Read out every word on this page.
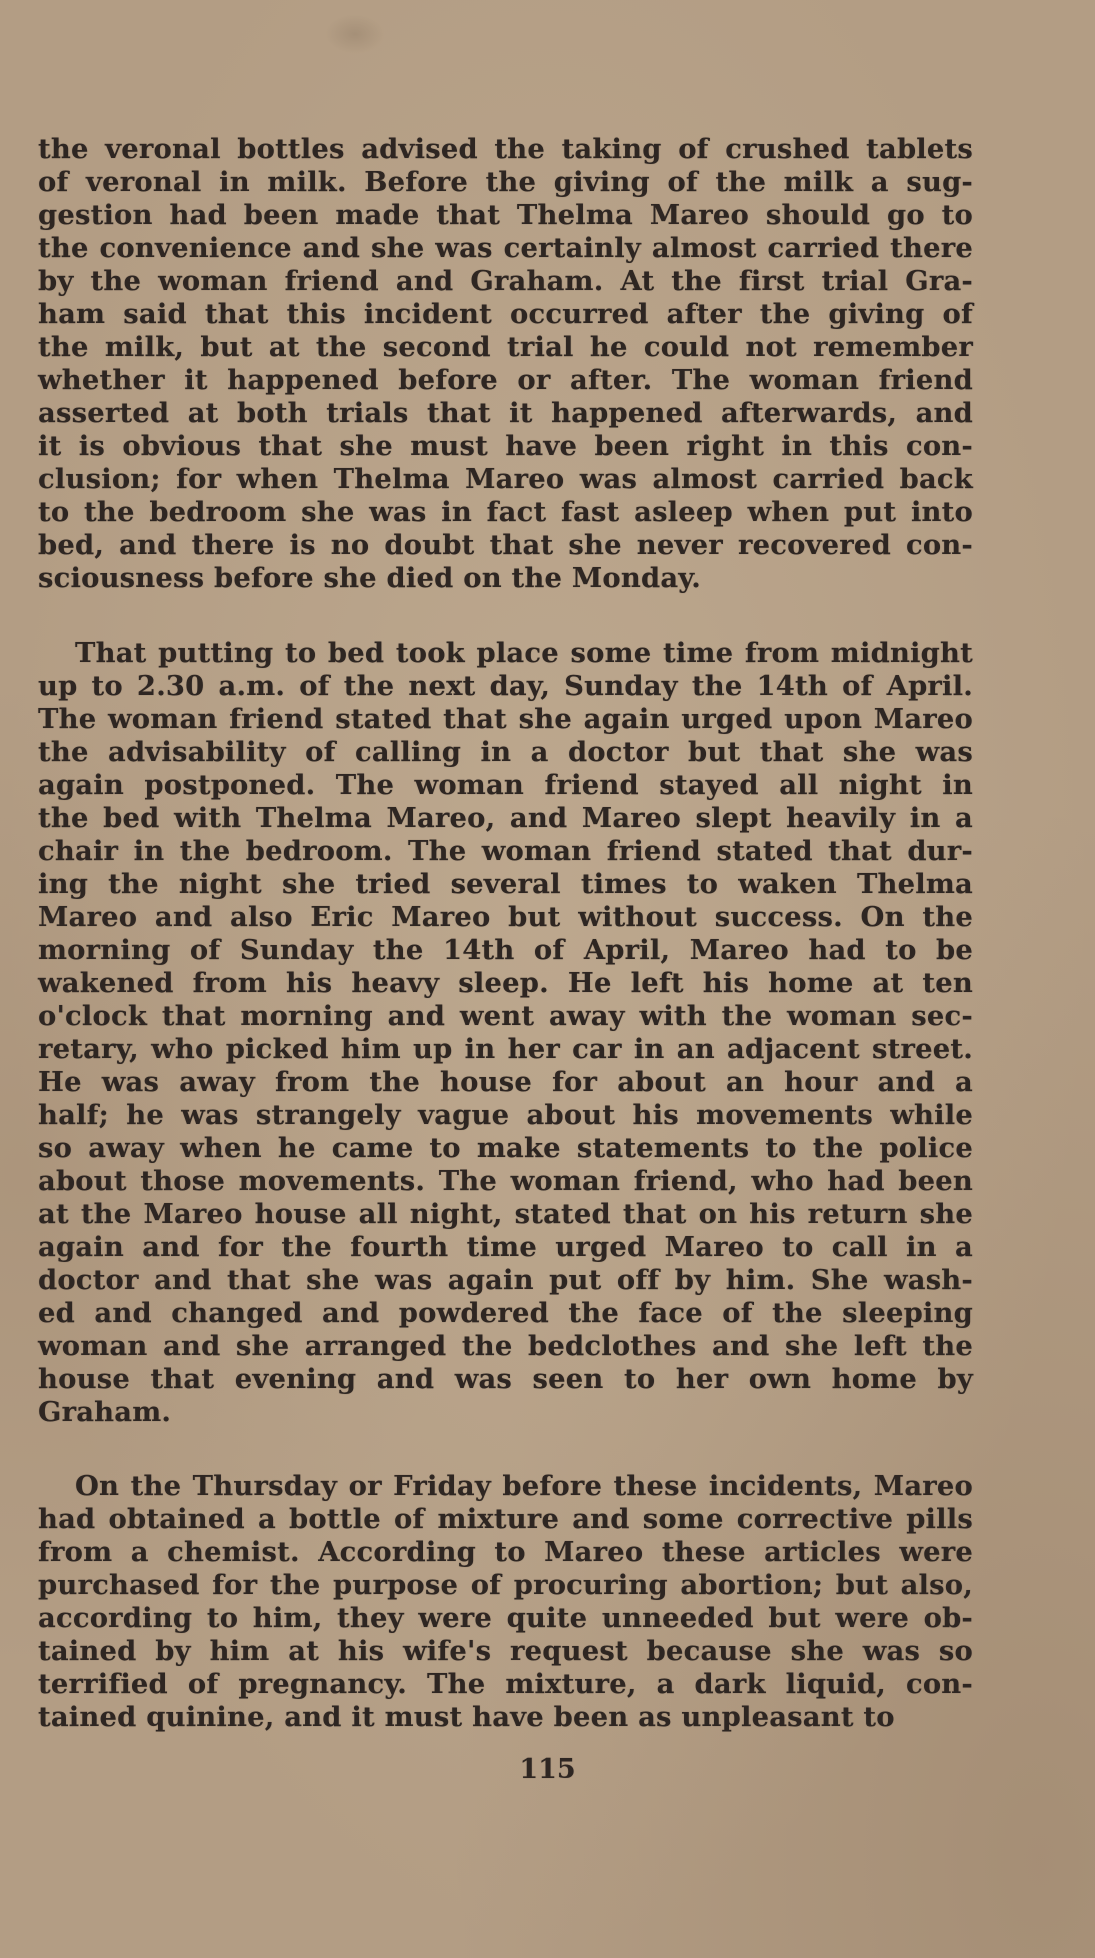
the veronal bottles advised the taking of crushed tablets
of veronal in milk. Before the giving of the milk a sug-
gestion had been made that Thelma Mareo should go to
the convenience and she was certainly almost carried there
by the woman friend and Graham. At the first trial Gra-
ham said that this incident occurred after the giving of
the milk, but at the second trial he could not remember
whether it happened before or after. The woman friend
asserted at both trials that it happened afterwards, and
it is obvious that she must have been right in this con-
clusion; for when Thelma Mareo was almost carried back
to the bedroom she was in fact fast asleep when put into
bed, and there is no doubt that she never recovered con-
sciousness before she died on the Monday.
That putting to bed took place some time from midnight
up to 2.30 a.m. of the next day, Sunday the 14th of April.
The woman friend stated that she again urged upon Mareo
the advisability of calling in a doctor but that she was
again postponed. The woman friend stayed all night in
the bed with Thelma Mareo, and Mareo slept heavily in a
chair in the bedroom. The woman friend stated that dur-
ing the night she tried several times to waken Thelma
Mareo and also Eric Mareo but without success. On the
morning of Sunday the 14th of April, Mareo had to be
wakened from his heavy sleep. He left his home at ten
o'clock that morning and went away with the woman sec-
retary, who picked him up in her car in an adjacent street.
He was away from the house for about an hour and a
half; he was strangely vague about his movements while
so away when he came to make statements to the police
about those movements. The woman friend, who had been
at the Mareo house all night, stated that on his return she
again and for the fourth time urged Mareo to call in a
doctor and that she was again put off by him. She wash-
ed and changed and powdered the face of the sleeping
woman and she arranged the bedclothes and she left the
house that evening and was seen to her own home by
Graham.
On the Thursday or Friday before these incidents, Mareo
had obtained a bottle of mixture and some corrective pills
from a chemist. According to Mareo these articles were
purchased for the purpose of procuring abortion; but also,
according to him, they were quite unneeded but were ob-
tained by him at his wife's request because she was so
terrified of pregnancy. The mixture, a dark liquid, con-
tained quinine, and it must have been as unpleasant to
115
